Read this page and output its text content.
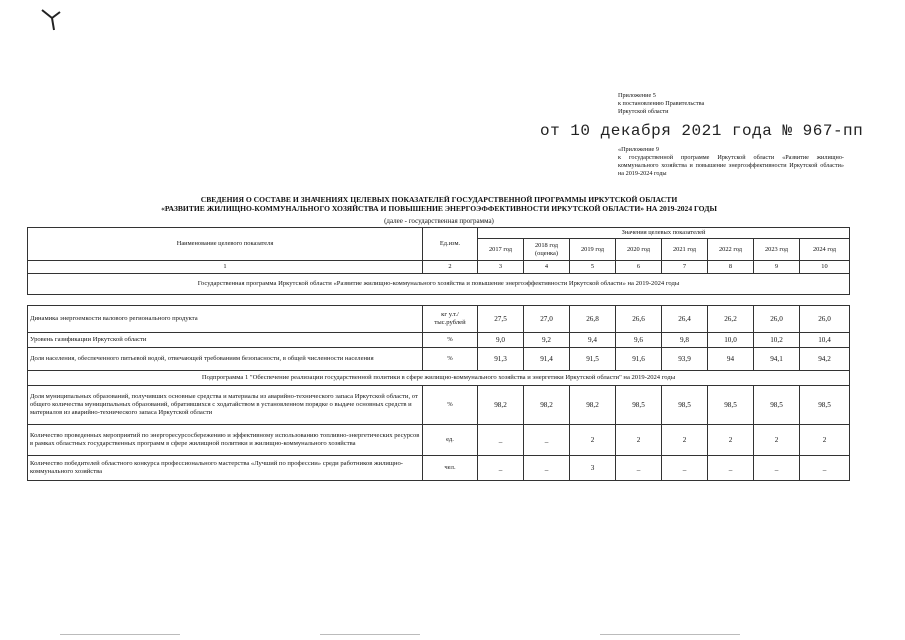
Приложение 5
к постановлению Правительства
Иркутской области
от 10 декабря 2021 года № 967-пп
«Приложение 9
к государственной программе Иркутской области «Развитие жилищно-коммунального хозяйства и повышение энергоэффективности Иркутской области» на 2019-2024 годы
СВЕДЕНИЯ О СОСТАВЕ И ЗНАЧЕНИЯХ ЦЕЛЕВЫХ ПОКАЗАТЕЛЕЙ ГОСУДАРСТВЕННОЙ ПРОГРАММЫ ИРКУТСКОЙ ОБЛАСТИ
«РАЗВИТИЕ ЖИЛИЩНО-КОММУНАЛЬНОГО ХОЗЯЙСТВА И ПОВЫШЕНИЕ ЭНЕРГОЭФФЕКТИВНОСТИ ИРКУТСКОЙ ОБЛАСТИ» НА 2019-2024 ГОДЫ
(далее - государственная программа)
Наименование целевого показателя	Ед.изм.	Значения целевых показателей							
		2017 год	2018 год (оценка)	2019 год	2020 год	2021 год	2022 год	2023 год	2024 год
1	2	3	4	5	6	7	8	9	10
Государственная программа Иркутской области «Развитие жилищно-коммунального хозяйства и повышение энергоэффективности Иркутской области» на 2019-2024 годы									

Динамика энергоемкости валового регионального продукта	кг у.т./ тыс.рублей	27,5	27,0	26,8	26,6	26,4	26,2	26,0	26,0
Уровень газификации Иркутской области	%	9,0	9,2	9,4	9,6	9,8	10,0	10,2	10,4
Доля населения, обеспеченного питьевой водой, отвечающей требованиям безопасности, в общей численности населения	%	91,3	91,4	91,5	91,6	93,9	94	94,1	94,2
Подпрограмма 1 "Обеспечение реализации государственной политики в сфере жилищно-коммунального хозяйства и энергетики Иркутской области" на 2019-2024 годы									
Доля муниципальных образований, получивших основные средства и материалы из аварийно-технического запаса Иркутской области, от общего количества муниципальных образований, обратившихся с ходатайством в установленном порядке о выдаче основных средств и материалов из аварийно-технического запаса Иркутской области	%	98,2	98,2	98,2	98,5	98,5	98,5	98,5	98,5
Количество проведенных мероприятий по энергоресурсосбережению и эффективному использованию топливно-энергетических ресурсов в рамках областных государственных программ в сфере жилищной политики и жилищно-коммунального хозяйства	ед.	_	_	2	2	2	2	2	2
Количество победителей областного конкурса профессионального мастерства «Лучший по профессии» среди работников жилищно-коммунального хозяйства	чел.	_	_	3	_	_	_	_	_
